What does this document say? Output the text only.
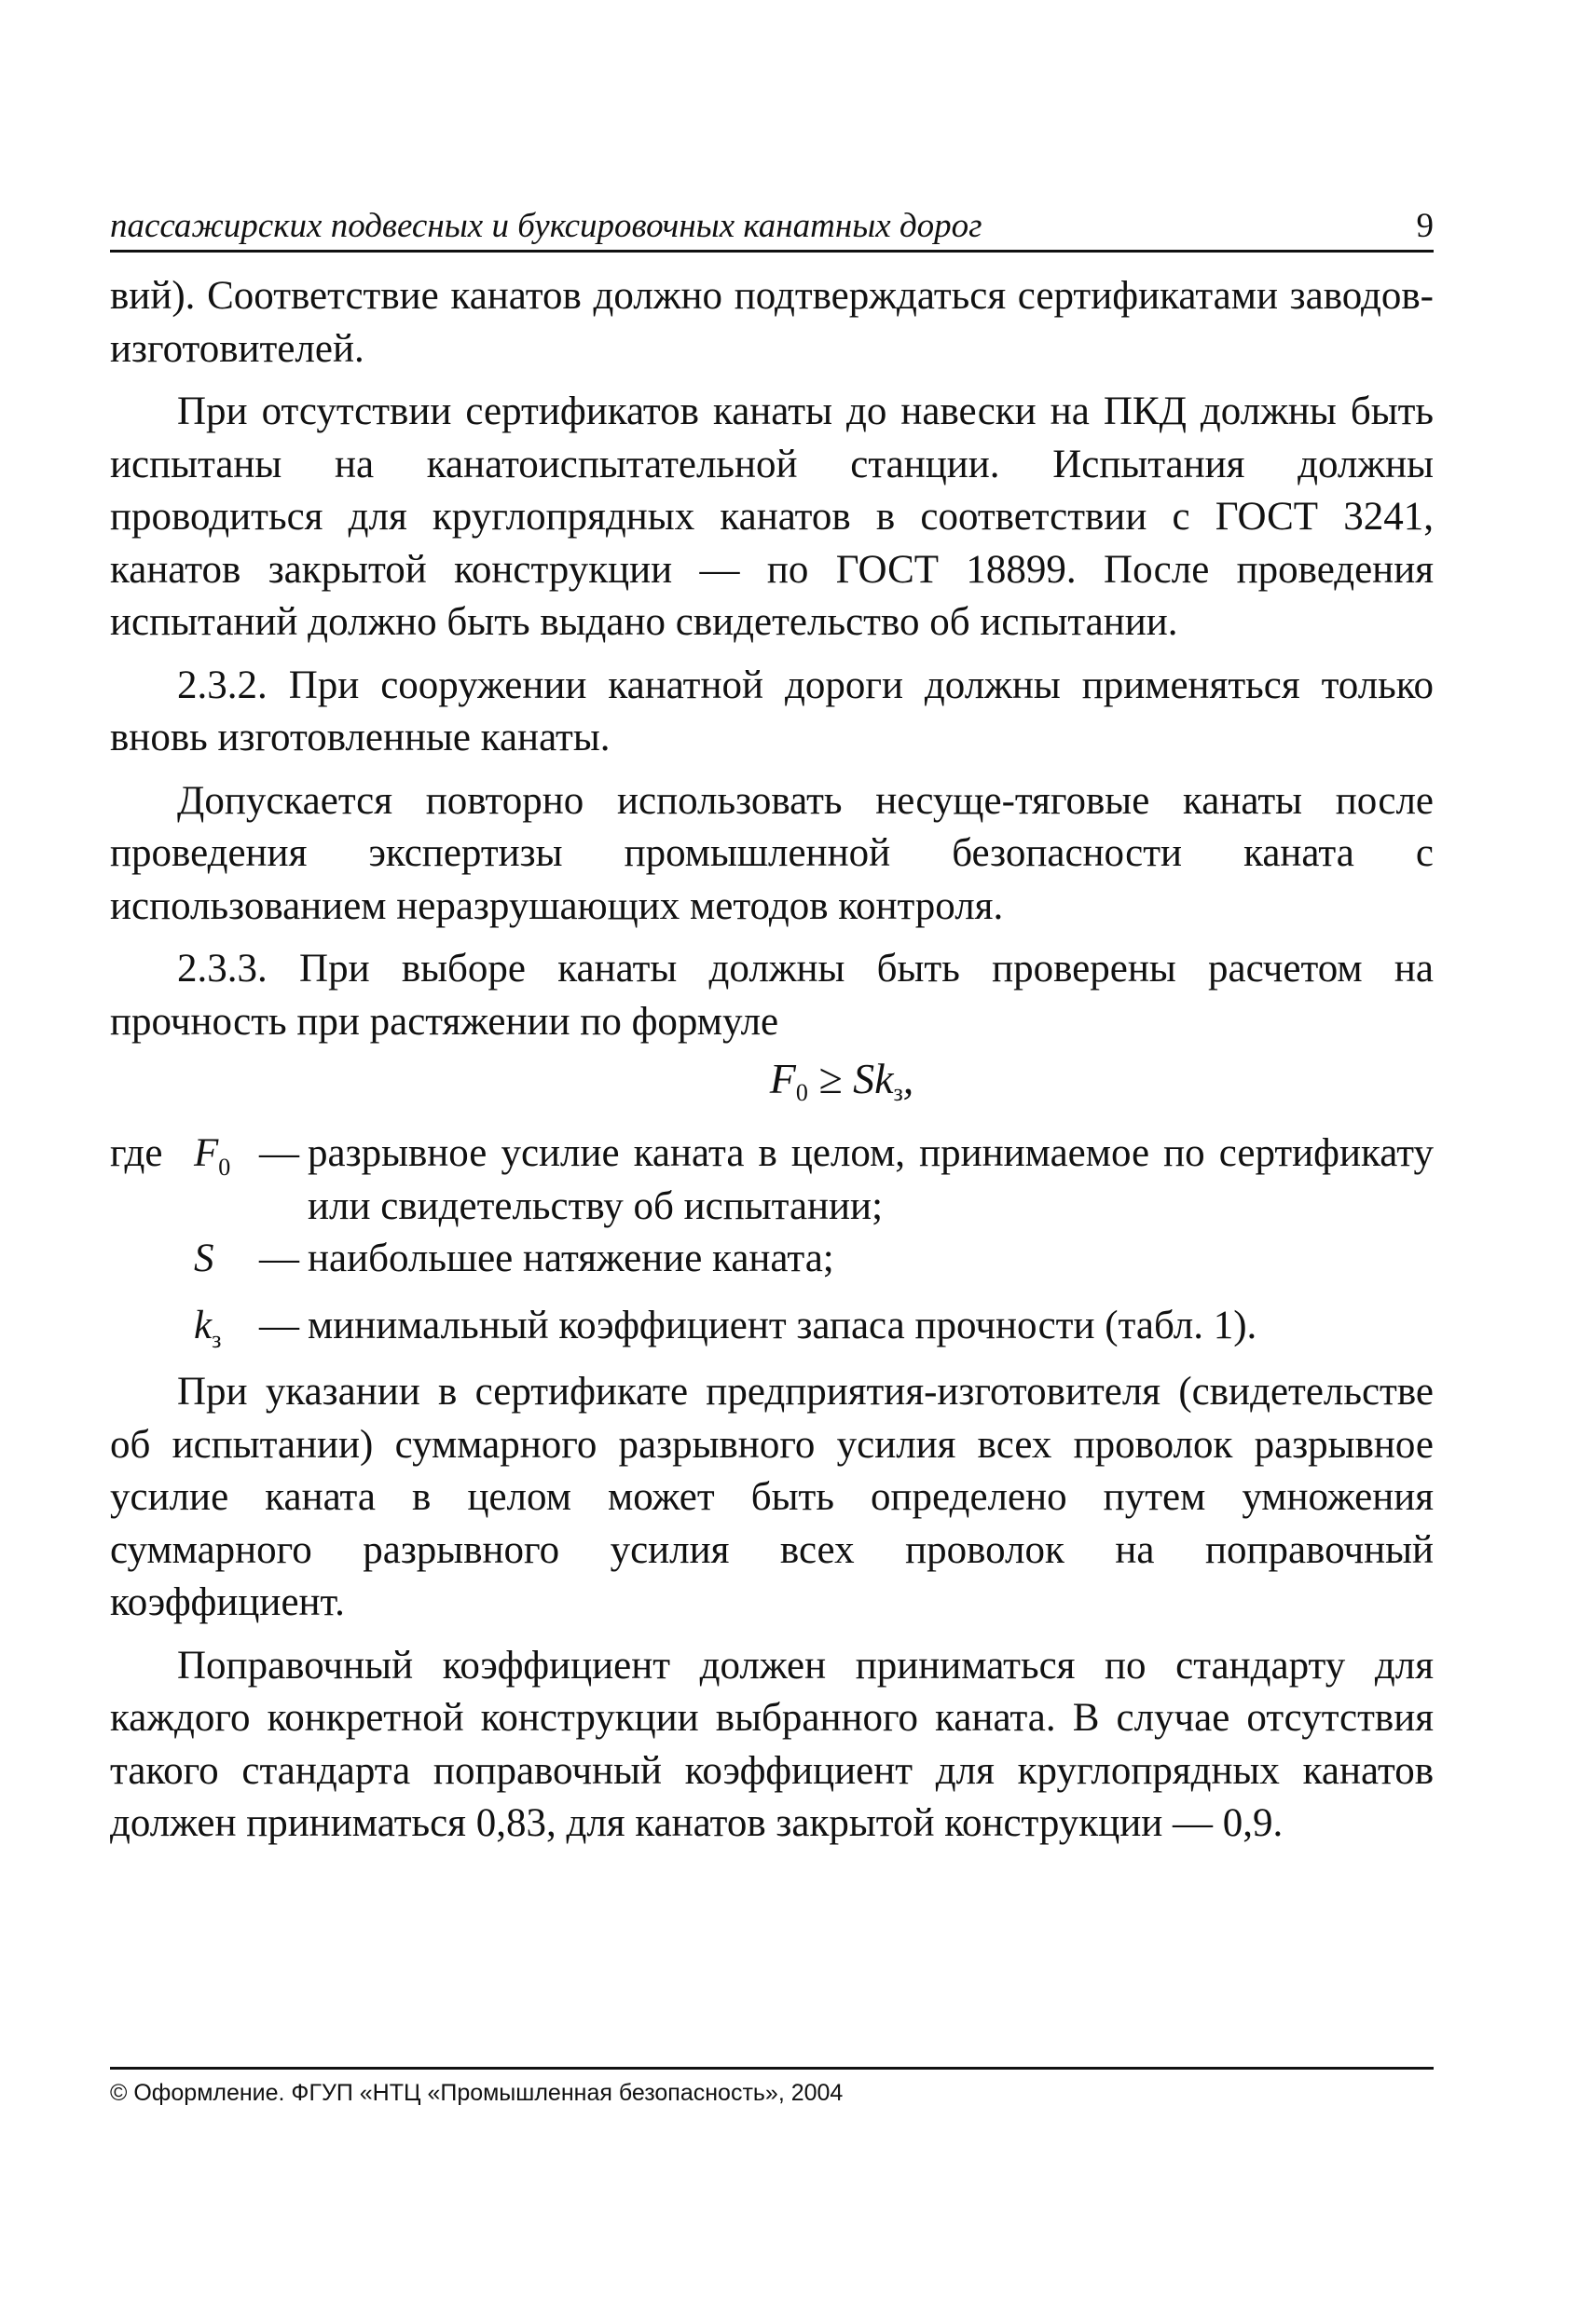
пассажирских подвесных и буксировочных канатных дорог	9

вий). Соответствие канатов должно подтверждаться сертификатами заводов-изготовителей.

При отсутствии сертификатов канаты до навески на ПКД должны быть испытаны на канатоиспытательной станции. Испытания должны проводиться для круглопрядных канатов в соответствии с ГОСТ 3241, канатов закрытой конструкции — по ГОСТ 18899. После проведения испытаний должно быть выдано свидетельство об испытании.

2.3.2. При сооружении канатной дороги должны применяться только вновь изготовленные канаты.

Допускается повторно использовать несуще-тяговые канаты после проведения экспертизы промышленной безопасности каната с использованием неразрушающих методов контроля.

2.3.3. При выборе канаты должны быть проверены расчетом на прочность при растяжении по формуле

$F_0 \ge Sk_з$,
где $F_0$ — разрывное усилие каната в целом, принимаемое по сертификату или свидетельству об испытании;
S	— наибольшее натяжение каната;
$k_з$ — минимальный коэффициент запаса прочности (табл. 1).

При указании в сертификате предприятия-изготовителя (свидетельстве об испытании) суммарного разрывного усилия всех проволок разрывное усилие каната в целом может быть определено путем умножения суммарного разрывного усилия всех проволок на поправочный коэффициент.

Поправочный коэффициент должен приниматься по стандарту для каждого конкретной конструкции выбранного каната. В случае отсутствия такого стандарта поправочный коэффициент для круглопрядных канатов должен приниматься 0,83, для канатов закрытой конструкции — 0,9.

© Оформление. ФГУП «НТЦ «Промышленная безопасность», 2004
